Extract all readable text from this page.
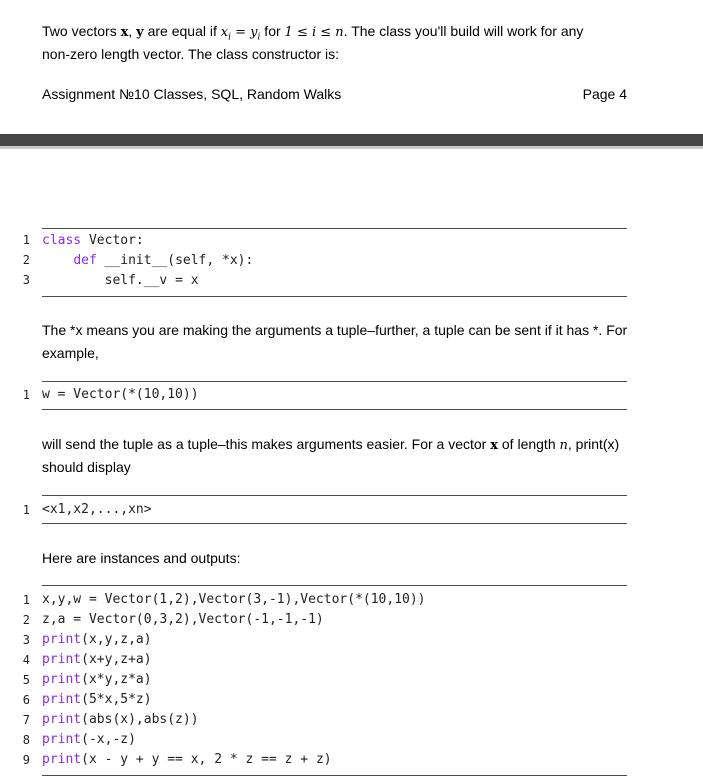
Two vectors x, y are equal if $x_i = y_i$ for 1 ≤ i ≤ n. The class you'll build will work for any
non-zero length vector. The class constructor is:
Assignment №10 Classes, SQL, Random Walks	Page 4
1
2
3
class Vector:
def __init__(self, *x):
self.__v = x
The *x means you are making the arguments a tuple–further, a tuple can be sent if it has *. For
example,
1 w = Vector(*(10,10))
will send the tuple as a tuple–this makes arguments easier. For a vector x of length n, print(x)
should display
1 <x1,x2,...,xn>
Here are instances and outputs:
1
2
3
4
5
6
7
8
9
x,y,w = Vector(1,2),Vector(3,-1),Vector(*(10,10))
z,a = Vector(0,3,2),Vector(-1,-1,-1)
print(x,y,z,a)
print(x+y,z+a)
print(x*y,z*a)
print(5*x,5*z)
print(abs(x),abs(z))
print(-x,-z)
print(x - y + y == x, 2 * z == z + z)
